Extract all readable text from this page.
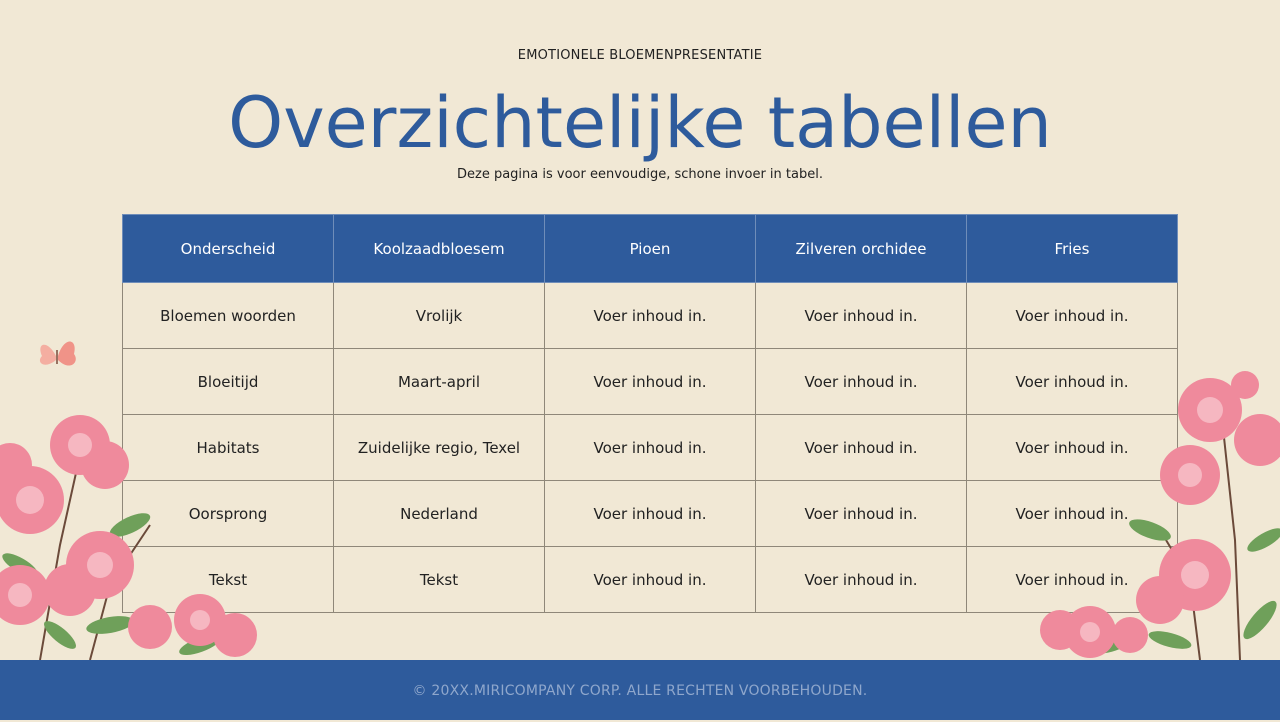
EMOTIONELE BLOEMENPRESENTATIE
Overzichtelijke tabellen
Deze pagina is voor eenvoudige, schone invoer in tabel.
Onderscheid	Koolzaadbloesem	Pioen	Zilveren orchidee	Fries
Bloemen woorden	Vrolijk	Voer inhoud in.	Voer inhoud in.	Voer inhoud in.
Bloeitijd	Maart-april	Voer inhoud in.	Voer inhoud in.	Voer inhoud in.
Habitats	Zuidelijke regio, Texel	Voer inhoud in.	Voer inhoud in.	Voer inhoud in.
Oorsprong	Nederland	Voer inhoud in.	Voer inhoud in.	Voer inhoud in.
Tekst	Tekst	Voer inhoud in.	Voer inhoud in.	Voer inhoud in.
© 20XX.MIRICOMPANY CORP. ALLE RECHTEN VOORBEHOUDEN.
